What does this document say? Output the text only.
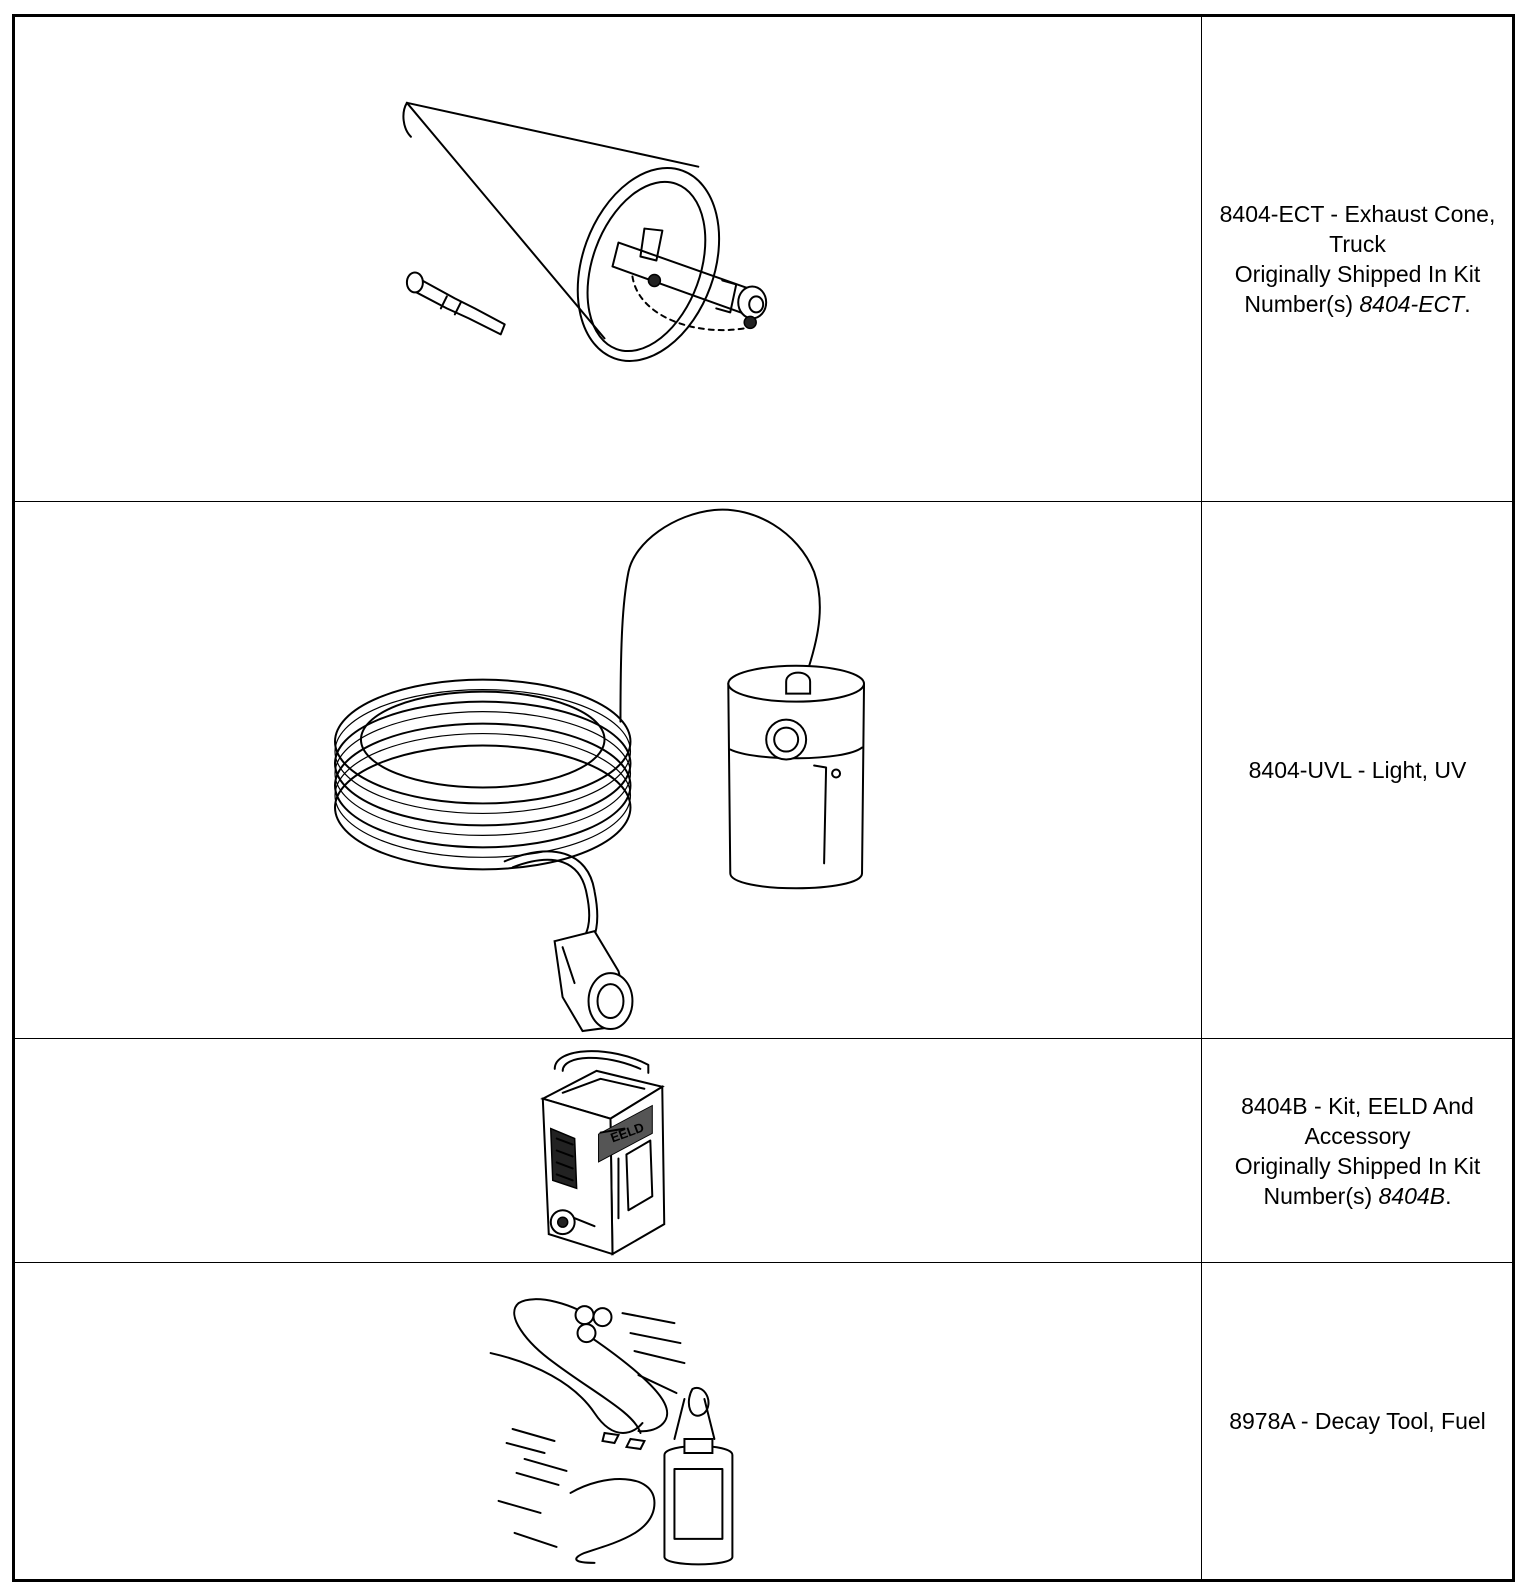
8404-ECT - Exhaust Cone, Truck
Originally Shipped In Kit Number(s) 8404-ECT.
8404-UVL - Light, UV
EELD
8404B - Kit, EELD And Accessory
Originally Shipped In Kit Number(s) 8404B.
8978A - Decay Tool, Fuel
